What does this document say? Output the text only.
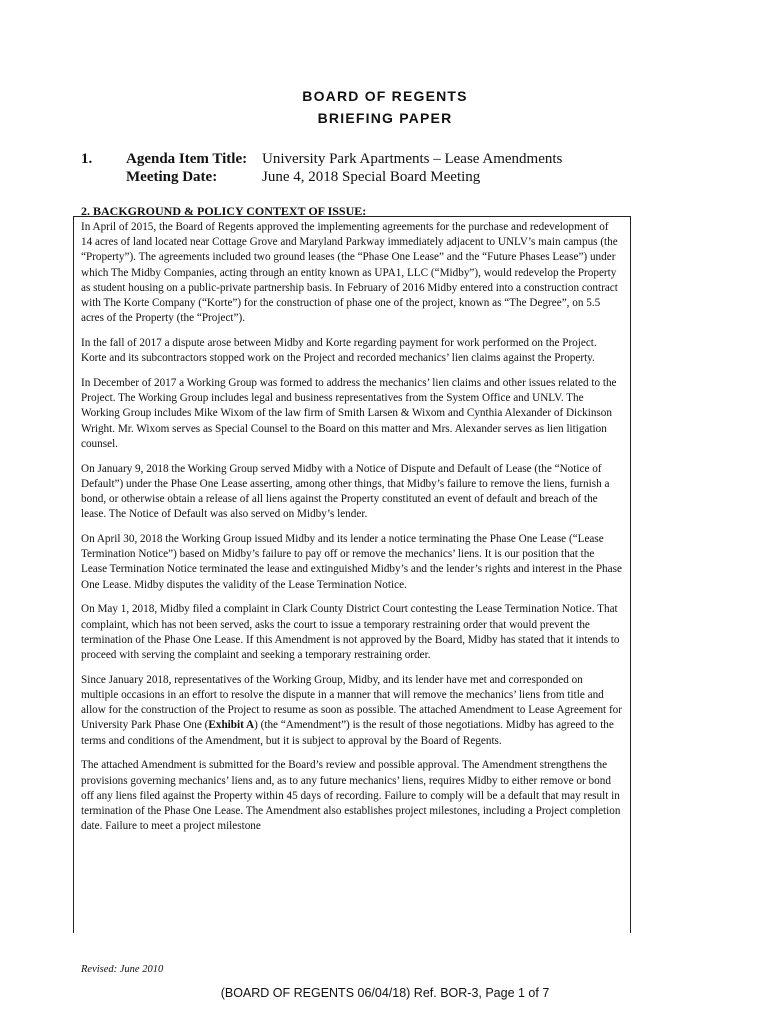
BOARD OF REGENTS
BRIEFING PAPER
1. Agenda Item Title: University Park Apartments – Lease Amendments
Meeting Date:	June 4, 2018 Special Board Meeting
2. BACKGROUND & POLICY CONTEXT OF ISSUE:

In April of 2015, the Board of Regents approved the implementing agreements for the purchase and redevelopment of 14 acres of land located near Cottage Grove and Maryland Parkway immediately adjacent to UNLV’s main campus (the “Property”). The agreements included two ground leases (the “Phase One Lease” and the “Future Phases Lease”) under which The Midby Companies, acting through an entity known as UPA1, LLC (“Midby”), would redevelop the Property as student housing on a public-private partnership basis. In February of 2016 Midby entered into a construction contract with The Korte Company (“Korte”) for the construction of phase one of the project, known as “The Degree”, on 5.5 acres of the Property (the “Project”).

In the fall of 2017 a dispute arose between Midby and Korte regarding payment for work performed on the Project. Korte and its subcontractors stopped work on the Project and recorded mechanics’ lien claims against the Property.

In December of 2017 a Working Group was formed to address the mechanics’ lien claims and other issues related to the Project. The Working Group includes legal and business representatives from the System Office and UNLV. The Working Group includes Mike Wixom of the law firm of Smith Larsen & Wixom and Cynthia Alexander of Dickinson Wright. Mr. Wixom serves as Special Counsel to the Board on this matter and Mrs. Alexander serves as lien litigation counsel.

On January 9, 2018 the Working Group served Midby with a Notice of Dispute and Default of Lease (the “Notice of Default”) under the Phase One Lease asserting, among other things, that Midby’s failure to remove the liens, furnish a bond, or otherwise obtain a release of all liens against the Property constituted an event of default and breach of the lease. The Notice of Default was also served on Midby’s lender.

On April 30, 2018 the Working Group issued Midby and its lender a notice terminating the Phase One Lease (“Lease Termination Notice”) based on Midby’s failure to pay off or remove the mechanics’ liens. It is our position that the Lease Termination Notice terminated the lease and extinguished Midby’s and the lender’s rights and interest in the Phase One Lease. Midby disputes the validity of the Lease Termination Notice.

On May 1, 2018, Midby filed a complaint in Clark County District Court contesting the Lease Termination Notice. That complaint, which has not been served, asks the court to issue a temporary restraining order that would prevent the termination of the Phase One Lease. If this Amendment is not approved by the Board, Midby has stated that it intends to proceed with serving the complaint and seeking a temporary restraining order.

Since January 2018, representatives of the Working Group, Midby, and its lender have met and corresponded on multiple occasions in an effort to resolve the dispute in a manner that will remove the mechanics’ liens from title and allow for the construction of the Project to resume as soon as possible. The attached Amendment to Lease Agreement for University Park Phase One (Exhibit A) (the “Amendment”) is the result of those negotiations. Midby has agreed to the terms and conditions of the Amendment, but it is subject to approval by the Board of Regents.

The attached Amendment is submitted for the Board’s review and possible approval. The Amendment strengthens the provisions governing mechanics’ liens and, as to any future mechanics’ liens, requires Midby to either remove or bond off any liens filed against the Property within 45 days of recording. Failure to comply will be a default that may result in termination of the Phase One Lease. The Amendment also establishes project milestones, including a Project completion date. Failure to meet a project milestone

Revised: June 2010
(BOARD OF REGENTS 06/04/18) Ref. BOR-3, Page 1 of 7
